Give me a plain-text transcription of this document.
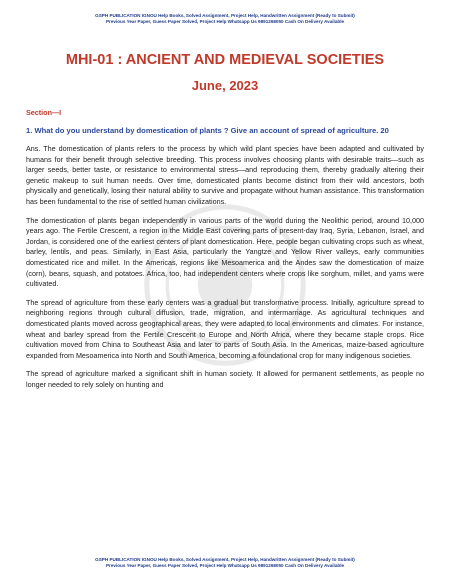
GSPH PUBLICATION IGNOU Help Books, Solved Assignment, Project Help, Handwritten Assignment (Ready to Submit)
Previous Year Paper, Guess Paper Solved, Project Help Whatsapp Us 9891268050 Cash On Delivery Available
MHI-01 : ANCIENT AND MEDIEVAL SOCIETIES
June, 2023

Section—I

1. What do you understand by domestication of plants ? Give an account of spread of agriculture. 20

Ans. The domestication of plants refers to the process by which wild plant species have been adapted and cultivated by humans for their benefit through selective breeding. This process involves choosing plants with desirable traits—such as larger seeds, better taste, or resistance to environmental stress—and reproducing them, thereby gradually altering their genetic makeup to suit human needs. Over time, domesticated plants become distinct from their wild ancestors, both physically and genetically, losing their natural ability to survive and propagate without human assistance. This transformation has been fundamental to the rise of settled human civilizations.

The domestication of plants began independently in various parts of the world during the Neolithic period, around 10,000 years ago. The Fertile Crescent, a region in the Middle East covering parts of present-day Iraq, Syria, Lebanon, Israel, and Jordan, is considered one of the earliest centers of plant domestication. Here, people began cultivating crops such as wheat, barley, lentils, and peas. Similarly, in East Asia, particularly the Yangtze and Yellow River valleys, early communities domesticated rice and millet. In the Americas, regions like Mesoamerica and the Andes saw the domestication of maize (corn), beans, squash, and potatoes. Africa, too, had independent centers where crops like sorghum, millet, and yams were cultivated.

The spread of agriculture from these early centers was a gradual but transformative process. Initially, agriculture spread to neighboring regions through cultural diffusion, trade, migration, and intermarriage. As agricultural techniques and domesticated plants moved across geographical areas, they were adapted to local environments and climates. For instance, wheat and barley spread from the Fertile Crescent to Europe and North Africa, where they became staple crops. Rice cultivation moved from China to Southeast Asia and later to parts of South Asia. In the Americas, maize-based agriculture expanded from Mesoamerica into North and South America, becoming a foundational crop for many indigenous societies.

The spread of agriculture marked a significant shift in human society. It allowed for permanent settlements, as people no longer needed to rely solely on hunting and

GSPH PUBLICATION IGNOU Help Books, Solved Assignment, Project Help, Handwritten Assignment (Ready to Submit)
Previous Year Paper, Guess Paper Solved, Project Help Whatsapp Us 9891268050 Cash On Delivery Available
